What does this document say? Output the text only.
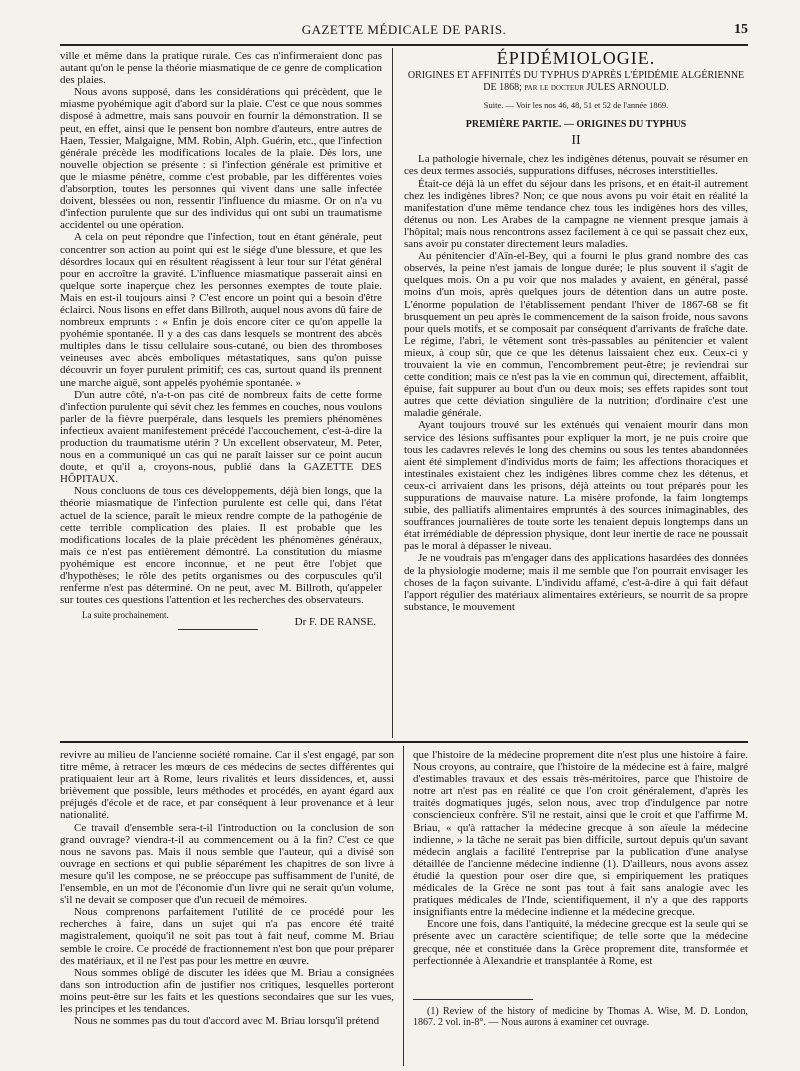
GAZETTE MÉDICALE DE PARIS.	15

ville et même dans la pratique rurale. Ces cas n'infirmeraient donc pas autant qu'on le pense la théorie miasmatique de ce genre de complication des plaies.

Nous avons supposé, dans les considérations qui précèdent, que le miasme pyohémique agit d'abord sur la plaie. C'est ce que nous sommes disposé à admettre, mais sans pouvoir en fournir la démonstration. Il se peut, en effet, ainsi que le pensent bon nombre d'auteurs, entre autres de Haen, Tessier, Malgaigne, MM. Robin, Alph. Guérin, etc., que l'infection générale précède les modifications locales de la plaie. Dès lors, une nouvelle objection se présente : si l'infection générale est primitive et que le miasme pénètre, comme c'est probable, par les différentes voies d'absorption, toutes les personnes qui vivent dans une salle infectée doivent, blessées ou non, ressentir l'influence du miasme. Or on n'a vu d'infection purulente que sur des individus qui ont subi un traumatisme accidentel ou une opération.

A cela on peut répondre que l'infection, tout en étant générale, peut concentrer son action au point qui est le siége d'une blessure, et que les désordres locaux qui en résultent réagissent à leur tour sur l'état général pour en accroître la gravité. L'influence miasmatique passerait ainsi en quelque sorte inaperçue chez les personnes exemptes de toute plaie. Mais en est-il toujours ainsi ? C'est encore un point qui a besoin d'être éclairci. Nous lisons en effet dans Billroth, auquel nous avons dû faire de nombreux emprunts : « Enfin je dois encore citer ce qu'on appelle la pyohémie spontanée. Il y a des cas dans lesquels se montrent des abcès multiples dans le tissu cellulaire sous-cutané, ou bien des thromboses veineuses avec abcès emboliques métastatiques, sans qu'on puisse découvrir un foyer purulent primitif; ces cas, surtout quand ils prennent une marche aiguë, sont appelés pyohémie spontanée. »

D'un autre côté, n'a-t-on pas cité de nombreux faits de cette forme d'infection purulente qui sévit chez les femmes en couches, nous voulons parler de la fièvre puerpérale, dans lesquels les premiers phénomènes infectieux avaient manifestement précédé l'accouchement, c'est-à-dire la production du traumatisme utérin ? Un excellent observateur, M. Peter, nous en a communiqué un cas qui ne paraît laisser sur ce point aucun doute, et qu'il a, croyons-nous, publié dans la GAZETTE DES HÔPITAUX.

Nous concluons de tous ces développements, déjà bien longs, que la théorie miasmatique de l'infection purulente est celle qui, dans l'état actuel de la science, paraît le mieux rendre compte de la pathogénie de cette terrible complication des plaies. Il est probable que les modifications locales de la plaie précèdent les phénomènes généraux, mais ce n'est pas entièrement démontré. La constitution du miasme pyohémique est encore inconnue, et ne peut être l'objet que d'hypothèses; le rôle des petits organismes ou des corpuscules qu'il renferme n'est pas déterminé. On ne peut, avec M. Billroth, qu'appeler sur toutes ces questions l'attention et les recherches des observateurs.

La suite prochainement.
Dr F. DE RANSE.
ÉPIDÉMIOLOGIE.
ORIGINES ET AFFINITÉS DU TYPHUS D'APRÈS L'ÉPIDÉMIE ALGÉRIENNE DE 1868; par le docteur JULES ARNOULD.
Suite. — Voir les nos 46, 48, 51 et 52 de l'année 1869.
PREMIÈRE PARTIE. — ORIGINES DU TYPHUS
II

La pathologie hivernale, chez les indigènes détenus, pouvait se résumer en ces deux termes associés, suppurations diffuses, nécroses interstitielles.

Était-ce déjà là un effet du séjour dans les prisons, et en était-il autrement chez les indigènes libres? Non; ce que nous avons pu voir était en réalité la manifestation d'une même tendance chez tous les indigènes hors des villes, détenus ou non. Les Arabes de la campagne ne viennent presque jamais à l'hôpital; mais nous rencontrons assez facilement à ce qui se passait chez eux, sans avoir pu constater directement leurs maladies.

Au pénitencier d'Aïn-el-Bey, qui a fourni le plus grand nombre des cas observés, la peine n'est jamais de longue durée; le plus souvent il s'agit de quelques mois. On a pu voir que nos malades y avaient, en général, passé moins d'un mois, après quelques jours de détention dans un autre poste. L'énorme population de l'établissement pendant l'hiver de 1867-68 se fit brusquement un peu après le commencement de la saison froide, nous savons pour quels motifs, et se composait par conséquent d'arrivants de fraîche date. Le régime, l'abri, le vêtement sont très-passables au pénitencier et valent mieux, à coup sûr, que ce que les détenus laissaient chez eux. Ceux-ci y trouvaient la vie en commun, l'encombrement peut-être; je reviendrai sur cette condition; mais ce n'est pas la vie en commun qui, directement, affaiblit, épuise, fait suppurer au bout d'un ou deux mois; ses effets rapides sont tout autres que cette déviation singulière de la nutrition; d'ordinaire c'est une maladie générale.

Ayant toujours trouvé sur les exténués qui venaient mourir dans mon service des lésions suffisantes pour expliquer la mort, je ne puis croire que tous les cadavres relevés le long des chemins ou sous les tentes abandonnées aient été simplement d'individus morts de faim; les affections thoraciques et intestinales existaient chez les indigènes libres comme chez les détenus, et ceux-ci arrivaient dans les prisons, déjà atteints ou tout préparés pour les suppurations de mauvaise nature. La misère profonde, la faim longtemps subie, des palliatifs alimentaires empruntés à des sources inimaginables, des souffrances journalières de toute sorte les tenaient depuis longtemps dans un état irrémédiable de dépression physique, dont leur inertie de race ne poussait pas le moral à dépasser le niveau.

Je ne voudrais pas m'engager dans des applications hasardées des données de la physiologie moderne; mais il me semble que l'on pourrait envisager les choses de la façon suivante. L'individu affamé, c'est-à-dire à qui fait défaut l'apport régulier des matériaux alimentaires extérieurs, se nourrit de sa propre substance, le mouvement

revivre au milieu de l'ancienne société romaine. Car il s'est engagé, par son titre même, à retracer les mœurs de ces médecins de sectes différentes qui pratiquaient leur art à Rome, leurs rivalités et leurs dissidences, et, aussi brièvement que possible, leurs méthodes et procédés, en ayant égard aux préjugés d'école et de race, et par conséquent à leur provenance et à leur nationalité.

Ce travail d'ensemble sera-t-il l'introduction ou la conclusion de son grand ouvrage? viendra-t-il au commencement ou à la fin? C'est ce que nous ne savons pas. Mais il nous semble que l'auteur, qui a divisé son ouvrage en sections et qui publie séparément les chapitres de son livre à mesure qu'il les compose, ne se préoccupe pas suffisamment de l'unité, de l'ensemble, en un mot de l'économie d'un livre qui ne serait qu'un volume, s'il ne devait se composer que d'un recueil de mémoires.

Nous comprenons parfaitement l'utilité de ce procédé pour les recherches à faire, dans un sujet qui n'a pas encore été traité magistralement, quoiqu'il ne soit pas tout à fait neuf, comme M. Briau semble le croire. Ce procédé de fractionnement n'est bon que pour préparer des matériaux, et il ne l'est pas pour les mettre en œuvre.

Nous sommes obligé de discuter les idées que M. Briau a consignées dans son introduction afin de justifier nos critiques, lesquelles porteront moins peut-être sur les faits et les questions secondaires que sur les vues, les principes et les tendances.

Nous ne sommes pas du tout d'accord avec M. Briau lorsqu'il prétend

que l'histoire de la médecine proprement dite n'est plus une histoire à faire. Nous croyons, au contraire, que l'histoire de la médecine est à faire, malgré d'estimables travaux et des essais très-méritoires, parce que l'histoire de notre art n'est pas en réalité ce que l'on croit généralement, d'après les traités dogmatiques jugés, selon nous, avec trop d'indulgence par notre consciencieux confrère. S'il ne restait, ainsi que le croit et que l'affirme M. Briau, « qu'à rattacher la médecine grecque à son aïeule la médecine indienne, » la tâche ne serait pas bien difficile, surtout depuis qu'un savant médecin anglais a facilité l'entreprise par la publication d'une analyse détaillée de l'ancienne médecine indienne (1). D'ailleurs, nous avons assez étudié la question pour oser dire que, si empiriquement les pratiques médicales de la Grèce ne sont pas tout à fait sans analogie avec les pratiques médicales de l'Inde, scientifiquement, il n'y a que des rapports insignifiants entre la médecine indienne et la médecine grecque.

Encore une fois, dans l'antiquité, la médecine grecque est la seule qui se présente avec un caractère scientifique; de telle sorte que la médecine grecque, née et constituée dans la Grèce proprement dite, transformée et perfectionnée à Alexandrie et transplantée à Rome, est

(1) Review of the history of medicine by Thomas A. Wise, M. D. London, 1867. 2 vol. in-8°. — Nous aurons à examiner cet ouvrage.
